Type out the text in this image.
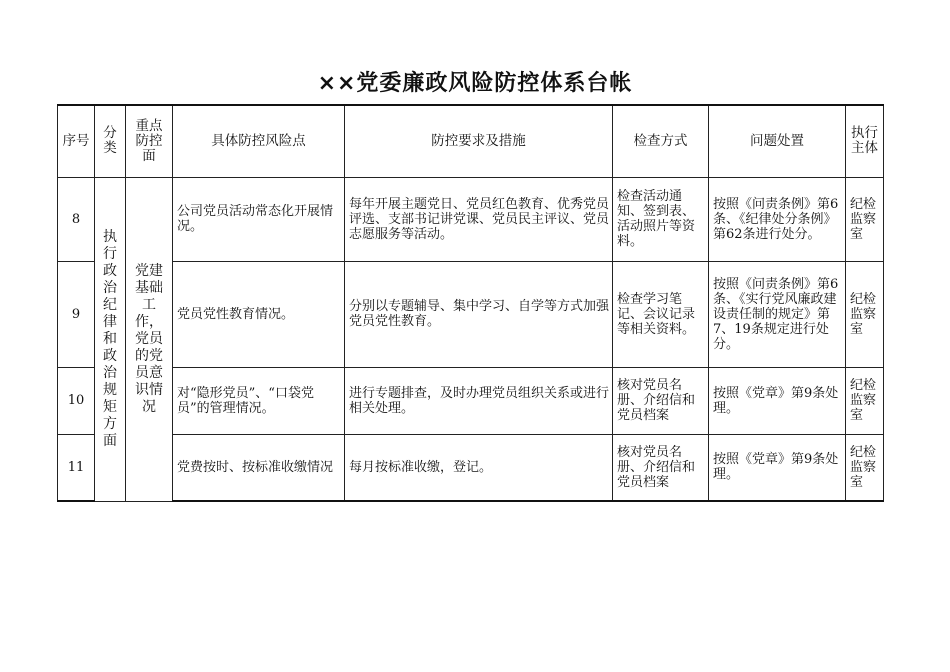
××党委廉政风险防控体系台帐
序号	分类	重点防控面	具体防控风险点	防控要求及措施	检查方式	问题处置	执行主体
8	执行政治纪律和政治规矩方面	党建基础工作，党员的党员意识情况	公司党员活动常态化开展情况。	每年开展主题党日、党员红色教育、优秀党员评选、支部书记讲党课、党员民主评议、党员志愿服务等活动。	检查活动通知、签到表、活动照片等资料。	按照《问责条例》第6条、《纪律处分条例》第62条进行处分。	纪检监察室
9			党员党性教育情况。	分别以专题辅导、集中学习、自学等方式加强党员党性教育。	检查学习笔记、会议记录等相关资料。	按照《问责条例》第6条、《实行党风廉政建设责任制的规定》第7、19条规定进行处分。	纪检监察室
10			对“隐形党员”、“口袋党员”的管理情况。	进行专题排查，及时办理党员组织关系或进行相关处理。	核对党员名册、介绍信和党员档案	按照《党章》第9条处理。	纪检监察室
11			党费按时、按标准收缴情况	每月按标准收缴，登记。	核对党员名册、介绍信和党员档案	按照《党章》第9条处理。	纪检监察室
